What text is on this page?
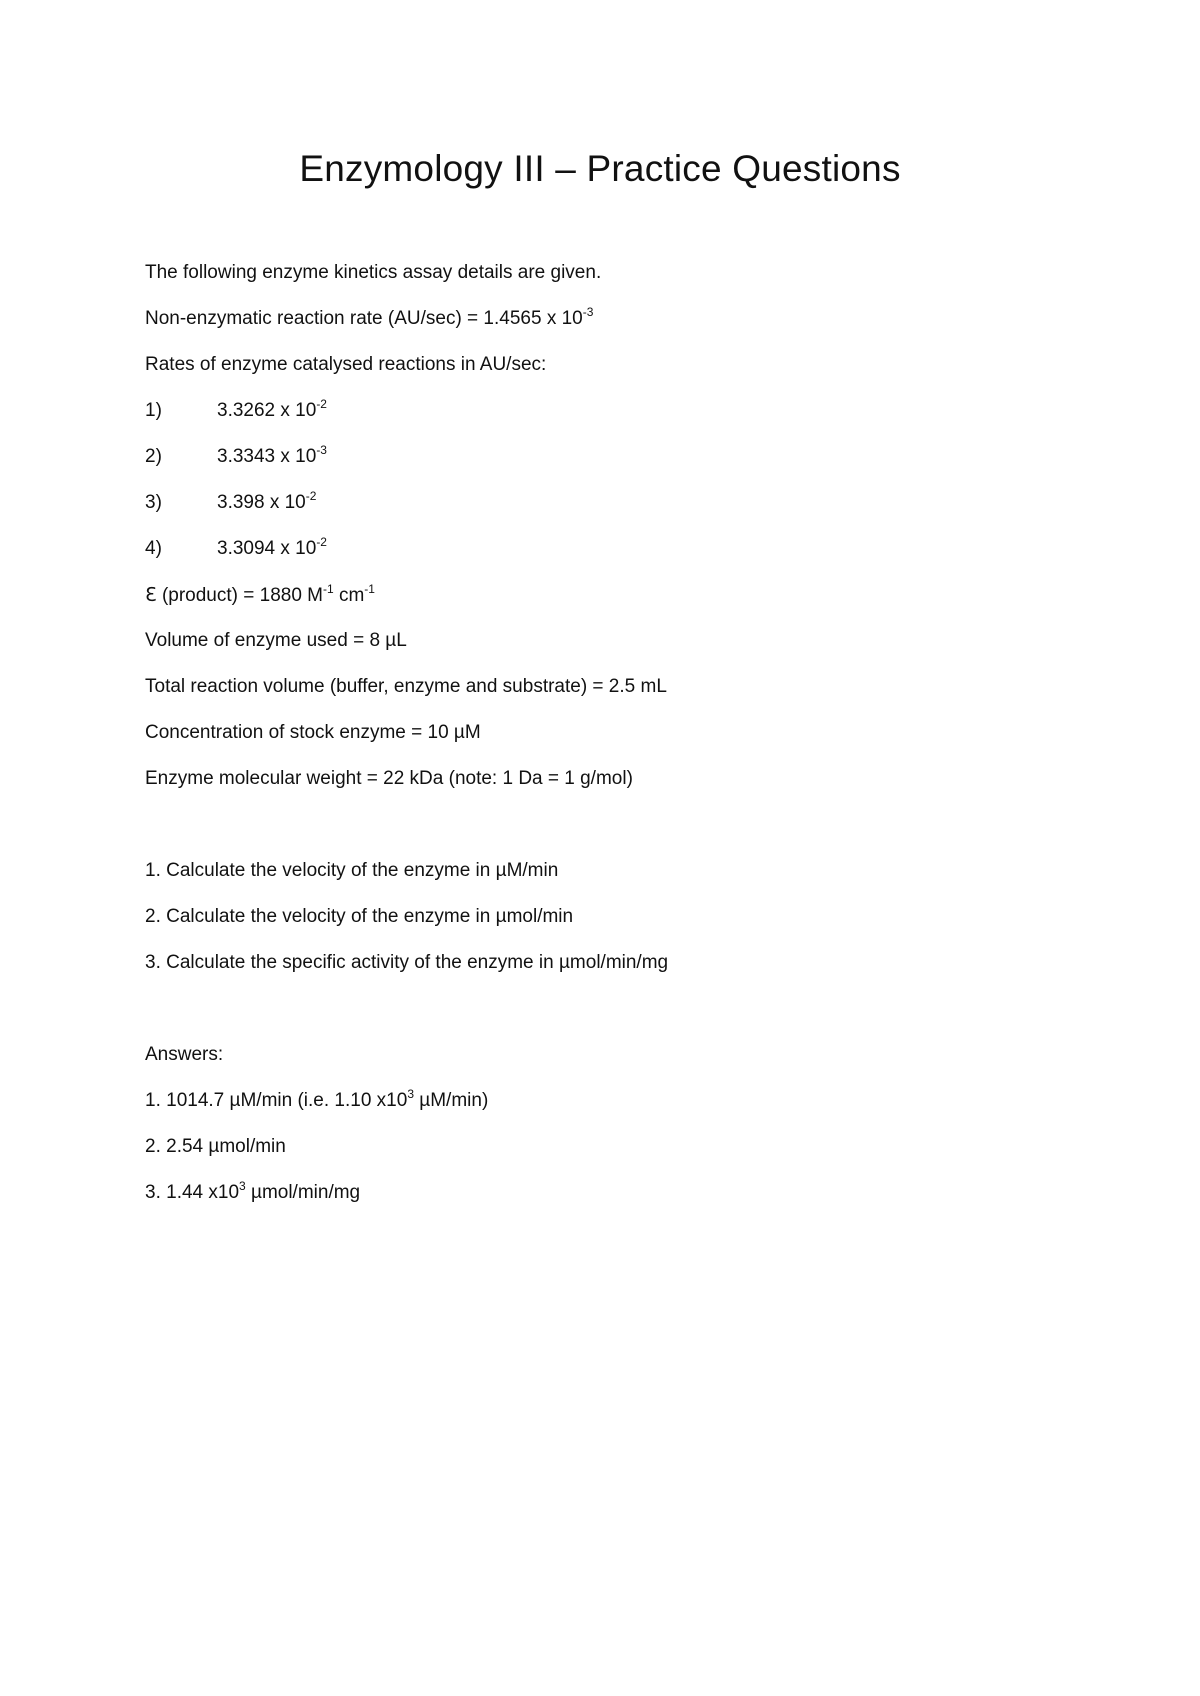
Enzymology III – Practice Questions
The following enzyme kinetics assay details are given.
Non-enzymatic reaction rate (AU/sec) = 1.4565 x $10^{-3}$
Rates of enzyme catalysed reactions in AU/sec:
1)	3.3262 x $10^{-2}$
2)	3.3343 x $10^{-3}$
3)	3.398 x $10^{-2}$
4)	3.3094 x $10^{-2}$
ℇ (product) = 1880 $M^{-1}$ $cm^{-1}$
Volume of enzyme used = 8 µL
Total reaction volume (buffer, enzyme and substrate) = 2.5 mL
Concentration of stock enzyme = 10 µM
Enzyme molecular weight = 22 kDa (note: 1 Da = 1 g/mol)
1. Calculate the velocity of the enzyme in µM/min
2. Calculate the velocity of the enzyme in µmol/min
3. Calculate the specific activity of the enzyme in µmol/min/mg
Answers:
1. 1014.7 µM/min (i.e. 1.10 $x10^3$ µM/min)
2. 2.54 µmol/min
3. 1.44 $x10^3$ µmol/min/mg
